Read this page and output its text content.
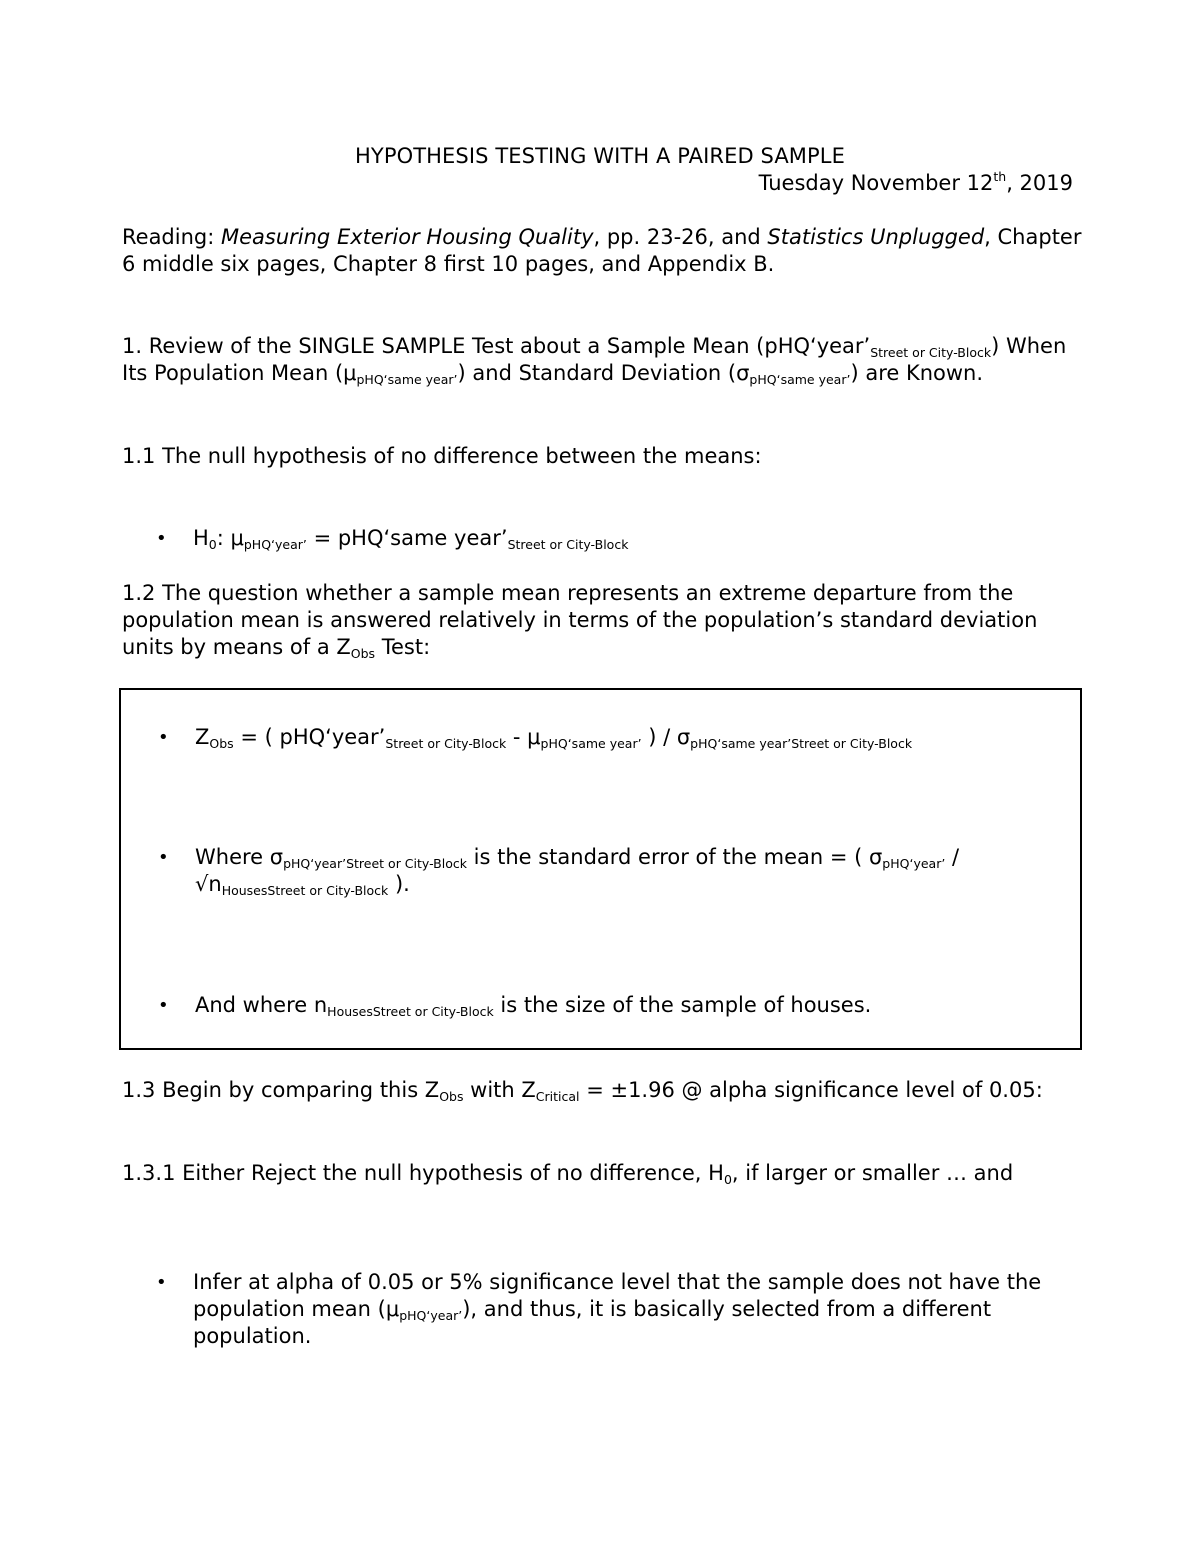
HYPOTHESIS TESTING WITH A PAIRED SAMPLE
Tuesday November 12th, 2019
Reading: Measuring Exterior Housing Quality, pp. 23-26, and Statistics Unplugged, Chapter 6 middle six pages, Chapter 8 first 10 pages, and Appendix B.
1. Review of the SINGLE SAMPLE Test about a Sample Mean $(pHQ‘year’_{Street or City-Block})$ When Its Population Mean $(\mu_{pHQ‘same year’})$ and Standard Deviation $(\sigma_{pHQ‘same year’})$ are Known.
1.1 The null hypothesis of no difference between the means:
• $H_0$: $\mu_{pHQ‘year’}$ = pHQ‘same $year’_{Street or City-Block}$
1.2 The question whether a sample mean represents an extreme departure from the population mean is answered relatively in terms of the population’s standard deviation units by means of a $Z_{Obs}$ Test:
• $Z_{Obs}$ = ( $pHQ‘year’_{Street or City-Block} - \mu_{pHQ‘same year’}$ ) / $\sigma_{pHQ‘same year’Street or City-Block}$
• Where $\sigma_{pHQ‘year’Street or City-Block}$ is the standard error of the mean = ( $\sigma_{pHQ‘year’} / √n_{HousesStreet or City-Block}$ ).
• And where $n_{HousesStreet or City-Block}$ is the size of the sample of houses.
1.3 Begin by comparing this $Z_{Obs}$ with $Z_{Critical} = \pm 1.96$ @ alpha significance level of 0.05:
1.3.1 Either Reject the null hypothesis of no difference, $H_0$, if larger or smaller … and
• Infer at alpha of 0.05 or 5% significance level that the sample does not have the population mean $(\mu_{pHQ‘year’})$, and thus, it is basically selected from a different population.
